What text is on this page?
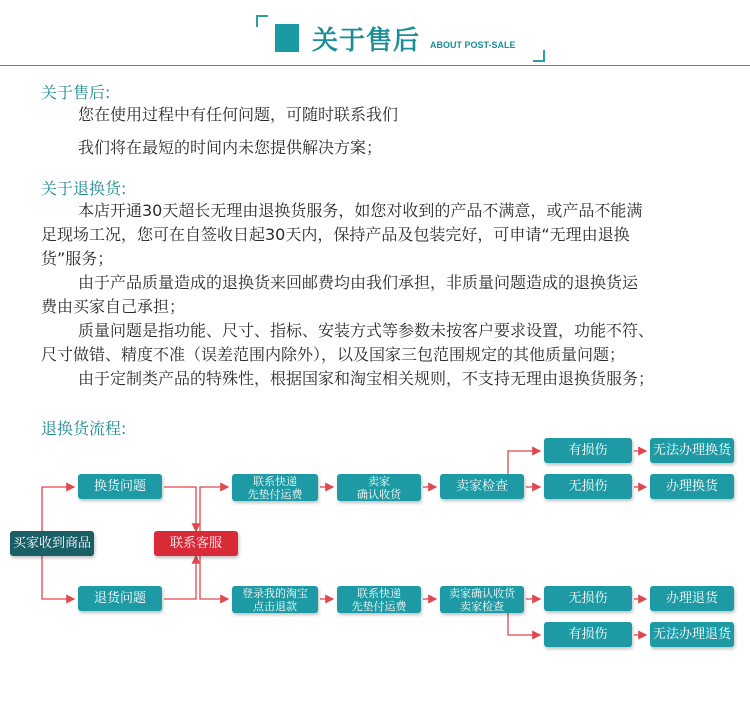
关于售后 ABOUT POST-SALE
关于售后:
您在使用过程中有任何问题，可随时联系我们
我们将在最短的时间内未您提供解决方案；
关于退换货:
本店开通30天超长无理由退换货服务，如您对收到的产品不满意，或产品不能满
足现场工况，您可在自签收日起30天内，保持产品及包装完好，可申请“无理由退换
货”服务；
由于产品质量造成的退换货来回邮费均由我们承担，非质量问题造成的退换货运
费由买家自己承担；
质量问题是指功能、尺寸、指标、安装方式等参数未按客户要求设置，功能不符、
尺寸做错、精度不准（误差范围内除外），以及国家三包范围规定的其他质量问题；
由于定制类产品的特殊性，根据国家和淘宝相关规则，不支持无理由退换货服务；
退换货流程:
买家收到商品	联系客服
换货问题	联系快递
先垫付运费
卖家
确认收货
卖家检查
有损伤	无法办理换货
无损伤	办理换货
退货问题	登录我的淘宝
点击退款
联系快递
先垫付运费
卖家确认收货
卖家检查
无损伤	办理退货
有损伤	无法办理退货
